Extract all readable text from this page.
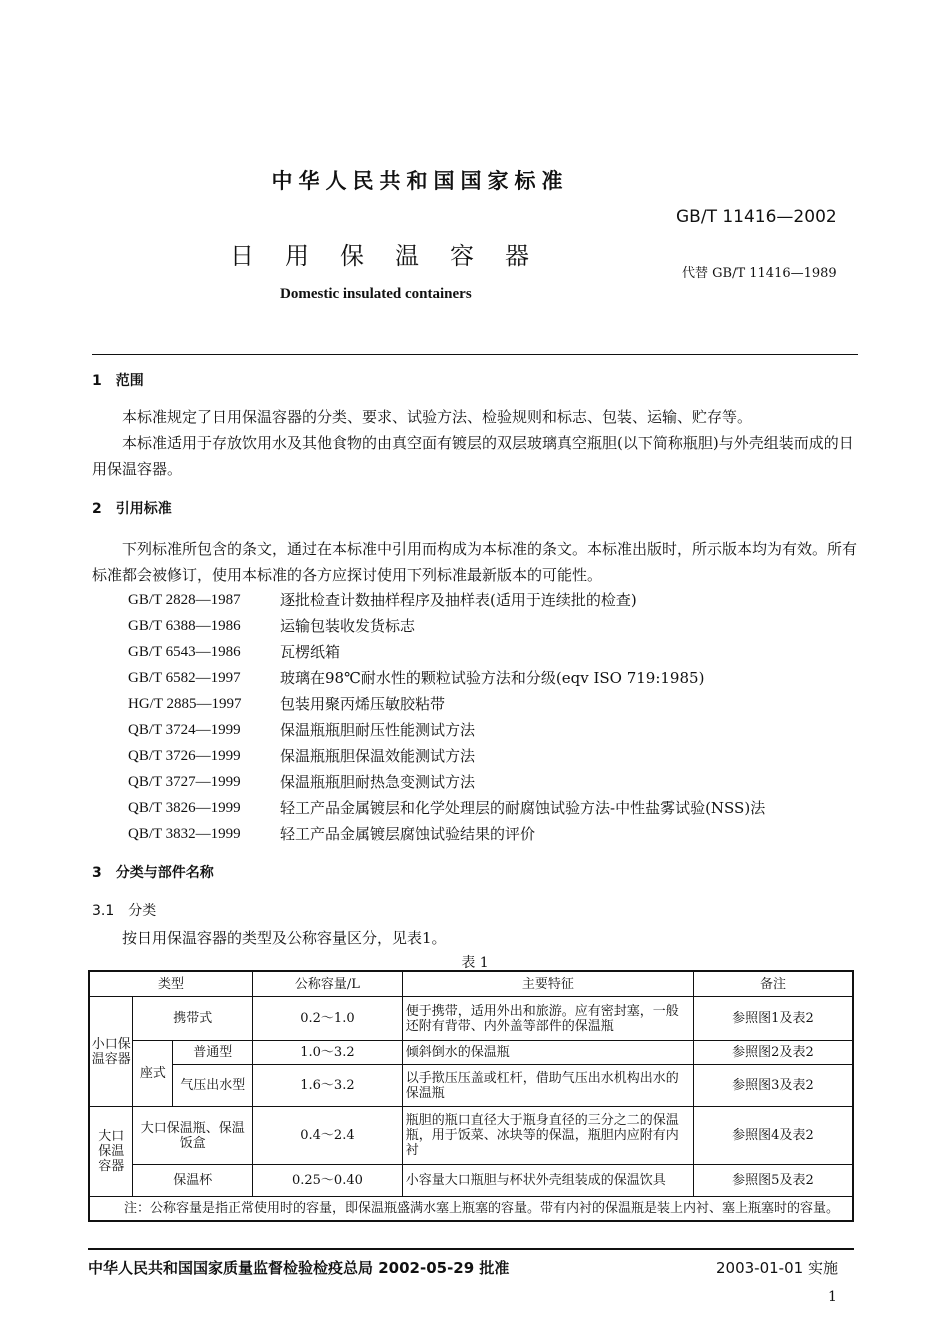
中华人民共和国国家标准
GB/T 11416—2002
日用保温容器
代替 GB/T 11416—1989
Domestic insulated containers
1　范围

本标准规定了日用保温容器的分类、要求、试验方法、检验规则和标志、包装、运输、贮存等。

本标准适用于存放饮用水及其他食物的由真空面有镀层的双层玻璃真空瓶胆(以下简称瓶胆)与外壳组装而成的日用保温容器。

2　引用标准

下列标准所包含的条文，通过在本标准中引用而构成为本标准的条文。本标准出版时，所示版本均为有效。所有标准都会被修订，使用本标准的各方应探讨使用下列标准最新版本的可能性。

GB/T 2828—1987	逐批检查计数抽样程序及抽样表(适用于连续批的检查)
GB/T 6388—1986	运输包装收发货标志
GB/T 6543—1986	瓦楞纸箱
GB/T 6582—1997	玻璃在98℃耐水性的颗粒试验方法和分级(eqv ISO 719:1985)
HG/T 2885—1997	包装用聚丙烯压敏胶粘带
QB/T 3724—1999	保温瓶瓶胆耐压性能测试方法
QB/T 3726—1999	保温瓶瓶胆保温效能测试方法
QB/T 3727—1999	保温瓶瓶胆耐热急变测试方法
QB/T 3826—1999	轻工产品金属镀层和化学处理层的耐腐蚀试验方法-中性盐雾试验(NSS)法
QB/T 3832—1999	轻工产品金属镀层腐蚀试验结果的评价
3　分类与部件名称
3.1　分类
按日用保温容器的类型及公称容量区分，见表1。
表 1
类型			公称容量/L	主要特征	备注
小口保温容器	携带式		0.2～1.0	便于携带，适用外出和旅游。应有密封塞，一般还附有背带、内外盖等部件的保温瓶	参照图1及表2
	座式	普通型	1.0～3.2	倾斜倒水的保温瓶	参照图2及表2
		气压出水型	1.6～3.2	以手揿压压盖或杠杆，借助气压出水机构出水的保温瓶	参照图3及表2
大口保温容器	大口保温瓶、保温饭盒		0.4～2.4	瓶胆的瓶口直径大于瓶身直径的三分之二的保温瓶，用于饭菜、冰块等的保温，瓶胆内应附有内衬	参照图4及表2
	保温杯		0.25～0.40	小容量大口瓶胆与杯状外壳组装成的保温饮具	参照图5及表2
注：公称容量是指正常使用时的容量，即保温瓶盛满水塞上瓶塞的容量。带有内衬的保温瓶是装上内衬、塞上瓶塞时的容量。					
中华人民共和国国家质量监督检验检疫总局 2002-05-29 批准	2003-01-01 实施
1
